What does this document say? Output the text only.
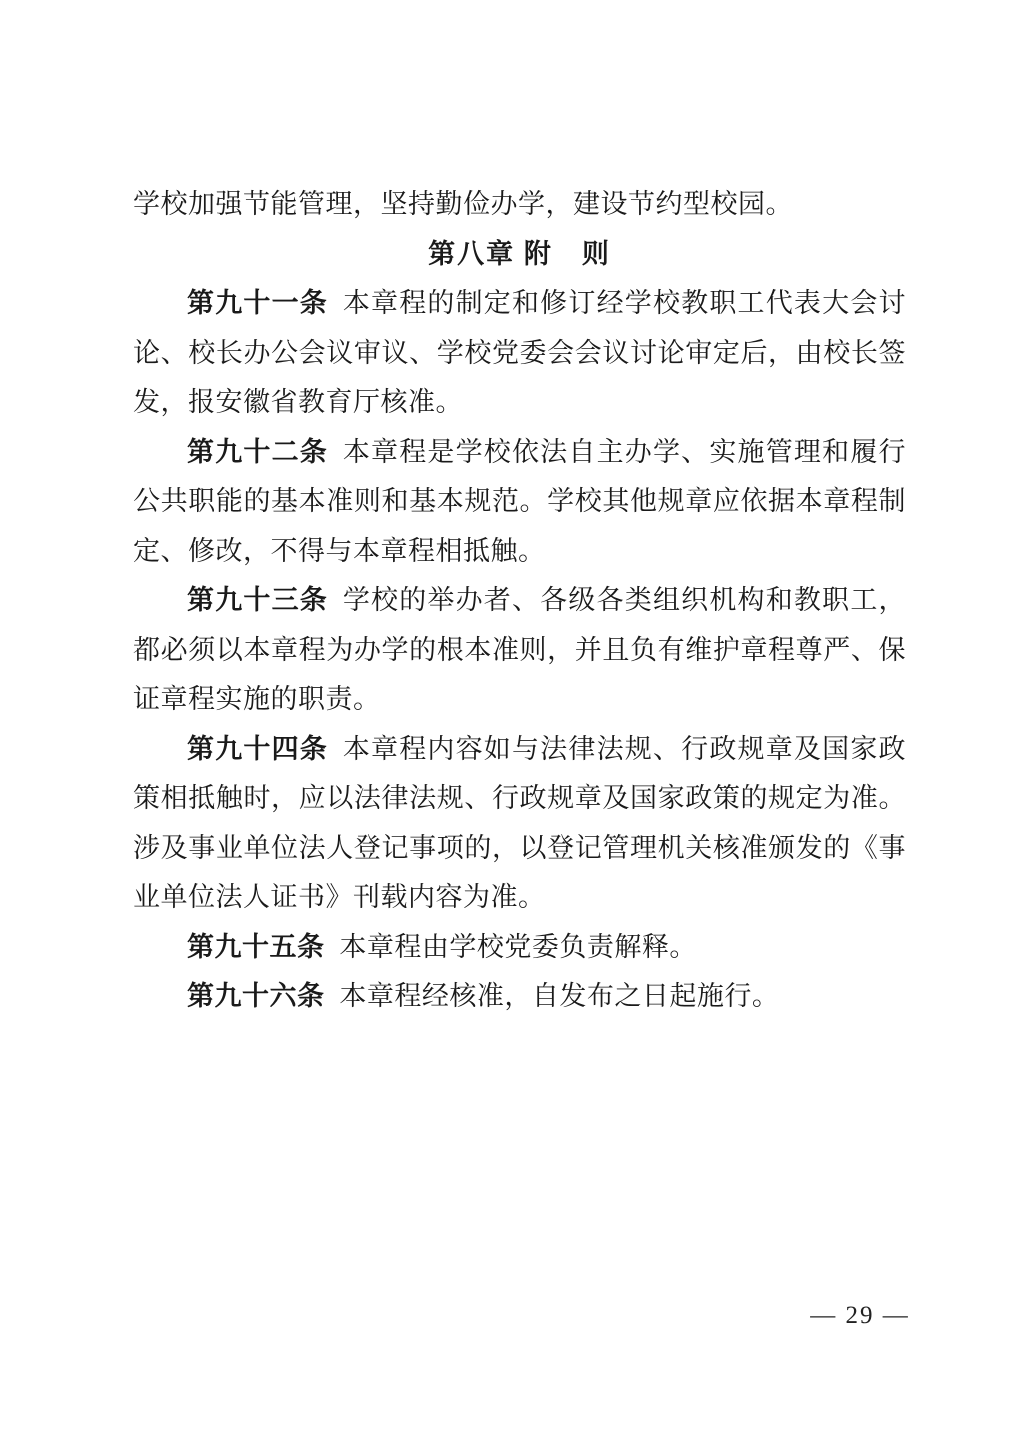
学校加强节能管理，坚持勤俭办学，建设节约型校园。

第八章 附　则

第九十一条 本章程的制定和修订经学校教职工代表大会讨论、校长办公会议审议、学校党委会会议讨论审定后，由校长签发，报安徽省教育厅核准。

第九十二条 本章程是学校依法自主办学、实施管理和履行公共职能的基本准则和基本规范。学校其他规章应依据本章程制定、修改，不得与本章程相抵触。

第九十三条 学校的举办者、各级各类组织机构和教职工，都必须以本章程为办学的根本准则，并且负有维护章程尊严、保证章程实施的职责。

第九十四条 本章程内容如与法律法规、行政规章及国家政策相抵触时，应以法律法规、行政规章及国家政策的规定为准。涉及事业单位法人登记事项的，以登记管理机关核准颁发的《事业单位法人证书》刊载内容为准。

第九十五条 本章程由学校党委负责解释。

第九十六条 本章程经核准，自发布之日起施行。

— 29 —
